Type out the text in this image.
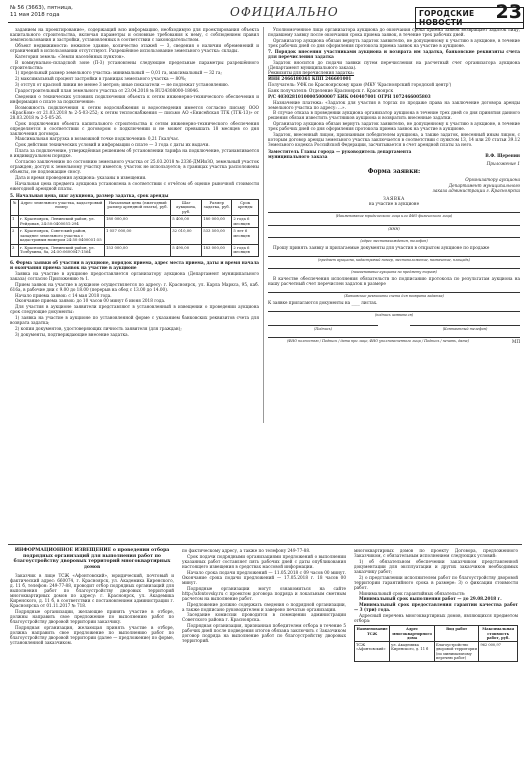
№ 56 (3663), пятница,
11 мая 2018 года	ОФИЦИАЛЬНО	ГОРОДСКИЕ НОВОСТИ	23

заданием на проектирование», содержащий всю информацию, необходимую для проектирования объекта капитального строительства, включая параметры и основные требования к нему, с соблюдением правил землепользования и застройки, установленных в соответствии с законодательством.

Объект недвижимости: нежилое здание, количество этажей — 3, сведения о наличии обременений и ограничений в использовании отсутствуют. Разрешённое использование земельного участка: склады.

Категория земель: «Земли населённых пунктов».

В коммунально-складской зоне (П-3) установлены следующие предельные параметры разрешённого строительства:

1) предельный размер земельного участка: минимальный — 0,01 га, максимальный — 32 га;

2) максимальный процент застройки в границах земельного участка — 80%;

3) отступ от красной линии не менее 3 метров; иные показатели — не подлежат установлению.

Градостроительный план земельного участка от 23.04.2018 № RU24308000-18046.

Сведения о технических условиях подключения объекта к сетям инженерно-технического обеспечения и информация о плате за подключение:

Возможность подключения к сетям водоснабжения и водоотведения имеется согласно письму ООО «КрасКом» от 21.03.2018 № 2-5-03-252; к сетям теплоснабжения — письмо АО «Енисейская ТГК (ТГК-13)» от 28.03.2018 № 2-5-05-26.

Срок подключения объекта капитального строительства к сетям инженерно-технического обеспечения определяется в соответствии с договором о подключении и не может превышать 18 месяцев со дня заключения договора.

Максимальная нагрузка в возможной точке подключения: 0,21 Гкал/час.

Срок действия технических условий и информации о плате — 3 года с даты их выдачи.

Плата за подключение, утверждённая решением об установлении тарифа на подключение, устанавливается в индивидуальном порядке.

Согласно заключению по состоянию земельного участка от 25.03.2018 № 2336-ДМИиЗО, земельный участок огражден; доступ к земельному участку имеется; участок не используется; в границах участка расположены объекты, не подлежащие сносу.

Дата и время проведения аукциона: указаны в извещении.

Начальная цена предмета аукциона установлена в соответствии с отчётом об оценке рыночной стоимости ежегодной арендной платы.

5. Начальная цена, шаг аукциона, размер задатка, срок аренды

№	Адрес земельного участка, кадастровый номер	Начальная цена (ежегодный размер арендной платы), руб.	Шаг аукциона, руб.	Размер задатка, руб.	Срок аренды
1	г. Красноярск, Ленинский район, ул. Рейдовая, 24:50:0400051:294	180 000,00	5 400,00	180 000,00	2 года 6 месяцев
2	г. Красноярск, Советский район, западнее земельного участка с кадастровым номером 24:50:0400051:55	1 057 000,00	32 010,00	533 500,00	5 лет 6 месяцев
3	г. Красноярск, Ленинский район, ул. Толбухина, 8а, 24:50:0600047:1564	153 000,00	5 490,00	183 000,00	2 года 6 месяцев

6. Форма заявки об участии в аукционе, порядок приема, адрес места приема, даты и время начала и окончания приема заявок на участие в аукционе

Заявка на участие в аукционе предоставляется организатору аукциона (Департамент муниципального заказа) согласно Приложению № 1.

Прием заявок на участие в аукционе осуществляется по адресу: г. Красноярск, ул. Карла Маркса, 95, каб. 616а, в рабочие дни с 9.00 до 18.00 (перерыв на обед с 13.00 до 14.00).

Начало приема заявок: с 14 мая 2018 года.

Окончание приема заявок: до 10 часов 00 минут 6 июня 2018 года.

Для участия в аукционе заявители представляют в установленный в извещении о проведении аукциона срок следующие документы:

1) заявка на участие в аукционе по установленной форме с указанием банковских реквизитов счета для возврата задатка;

2) копии документов, удостоверяющих личность заявителя (для граждан);

3) документы, подтверждающие внесение задатка.

Уполномоченное лицо организатора аукциона до окончания срока приема заявок возвращает задаток лицу, подавшему заявку после окончания срока приема заявок, в течение трех рабочих дней.

Организатор аукциона обязан вернуть задаток заявителю, не допущенному к участию в аукционе, в течение трех рабочих дней со дня оформления протокола приема заявок на участие в аукционе.

7. Порядок внесения участниками аукциона и возврата им задатка, банковские реквизиты счета для перечисления задатка

Задаток вносится до подачи заявки путем перечисления на расчетный счет организатора аукциона (Департамент муниципального заказа).

Реквизиты для перечисления задатка:

ИНН 2466180361 КПП 246601001

Получатель: УФК по Красноярскому краю (МКУ 'Красноярский городской центр')

Банк получателя: Отделение Красноярск г. Красноярск

Р/С 40302810100005000007 БИК 040407001 ОГРН 1072466005803

Назначение платежа: «Задаток для участия в торгах по продаже права на заключение договора аренды земельного участка по адресу: ...».

В случае отказа в проведении аукциона организатор аукциона в течение трех дней со дня принятия данного решения обязан известить участников аукциона и возвратить внесенные задатки.

Организатор аукциона обязан вернуть задаток заявителю, не допущенному к участию в аукционе, в течение трех рабочих дней со дня оформления протокола приема заявок на участие в аукционе.

Задаток, внесенный лицом, признанным победителем аукциона, а также задаток, внесенный иным лицом, с которым договор аренды земельного участка заключается в соответствии с пунктом 13, 14 или 20 статьи 39.12 Земельного кодекса Российской Федерации, засчитывается в счет арендной платы за него.

Заместитель Главы города — руководитель департамента муниципального заказа	В.Ф. Щеренин

Приложение 1

Форма заявки:

Организатору аукциона
Департамент муниципального
заказа администрации г. Красноярска

ЗАЯВКА

на участие в аукционе

(Наименование юридического лица или ФИО физического лица)
(ИНН)
(адрес местонахождения, телефон)

Прошу принять заявку и прилагаемые документы для участия в открытом аукционе по продаже

(предмет аукциона, кадастровый номер, местоположение, назначение, площадь)
(наименование аукциона по предмету торгов)

В качестве обеспечения исполнения обязательств по подписанию протокола по результатам аукциона на нашу расчетный счет перечислен задаток в размере

(Банковские реквизиты счета для возврата задатка)

К заявке прилагаются документы на ____ листах.

(подпись заявителя)
(Подпись)	(Контактный телефон)
(ФИО полностью / Подпись / дата при лице, ФИО уполномоченного лица / Подпись / печать, дата)	МП

ИНФОРМАЦИОННОЕ ИЗВЕЩЕНИЕ о проведении отбора подрядных организаций для выполнения работ по благоустройству дворовых территорий многоквартирных домов

Заказчик в лице ТСЖ «Афонтовский», юридический, почтовый и фактический адрес: 660074, г. Красноярск, ул. Академика Киренского, д. 11 б, телефон: 249-77-88, проводит отбор подрядных организаций для выполнения работ по благоустройству дворовых территорий многоквартирных домов по адресу: г. Красноярск, ул. Академика Киренского, д. 11 б, в соответствии с постановлением администрации г. Красноярска от 01.11.2017 № 718.

Подрядные организации, желающие принять участие в отборе, должны направить свое предложение по выполнению работ по благоустройству дворовой территории заказчику.

Подрядная организация, желающая принять участие в отборе, должна направить свое предложение по выполнению работ по благоустройству дворовой территории (далее — предложение) по форме, установленной заказчиком.

по фактическому адресу, а также по телефону 249-77-88.

Срок подачи подрядными организациями предложений о выполнении указанных работ составляет пять рабочих дней с даты опубликования настоящего извещения в средствах массовой информации.

Начало срока подачи предложений — 11.05.2018 с 09 часов 00 минут. Окончание срока подачи предложений — 17.05.2018 г. 18 часов 00 минут.

Подрядные организации могут ознакомиться на сайте http://afontovsky.ru с проектом договора подряда и локальным сметным расчетом на выполнение работ.

Предложение должно содержать сведения о подрядной организации, а также подписано руководителем и заверено печатью организации.

Заседание комиссии проводится в помещении администрации Советского района г. Красноярска.

Подрядная организация, признанная победителем отбора в течение 5 рабочих дней после подведения итогов обязана заключить с Заказчиком договор подряда на выполнение работ по благоустройству дворовых территорий.

многоквартирных домов по проекту Договора, предложенного Заказчиком, с обязательным исполнением следующих условий:

1) об обязательном обеспечении заказчиком представленной документации для эксплуатации и других заказчиков необходимых заказчику работ;

2) о представлении исполнителем работ по благоустройству дворовой территории гарантийного срока в размере: 3) о фиксации стоимости работ.

Минимальный срок гарантийных обязательств:

Минимальный срок выполнения работ — до 29.08.2018 г.

Минимальный срок предоставления гарантии качества работ — 3 (три) года.

Адресный перечень многоквартирных домов, являющихся предметом отбора:

Наименование ТСЖ	Адрес многоквартирного дома	Вид работ	Максимальная стоимость работ, руб.
ТСЖ «Афонтовский»	ул. Академика Киренского, д. 11 б	Благоустройство дворовой территории (по минимальному перечню работ)	962 000,97
